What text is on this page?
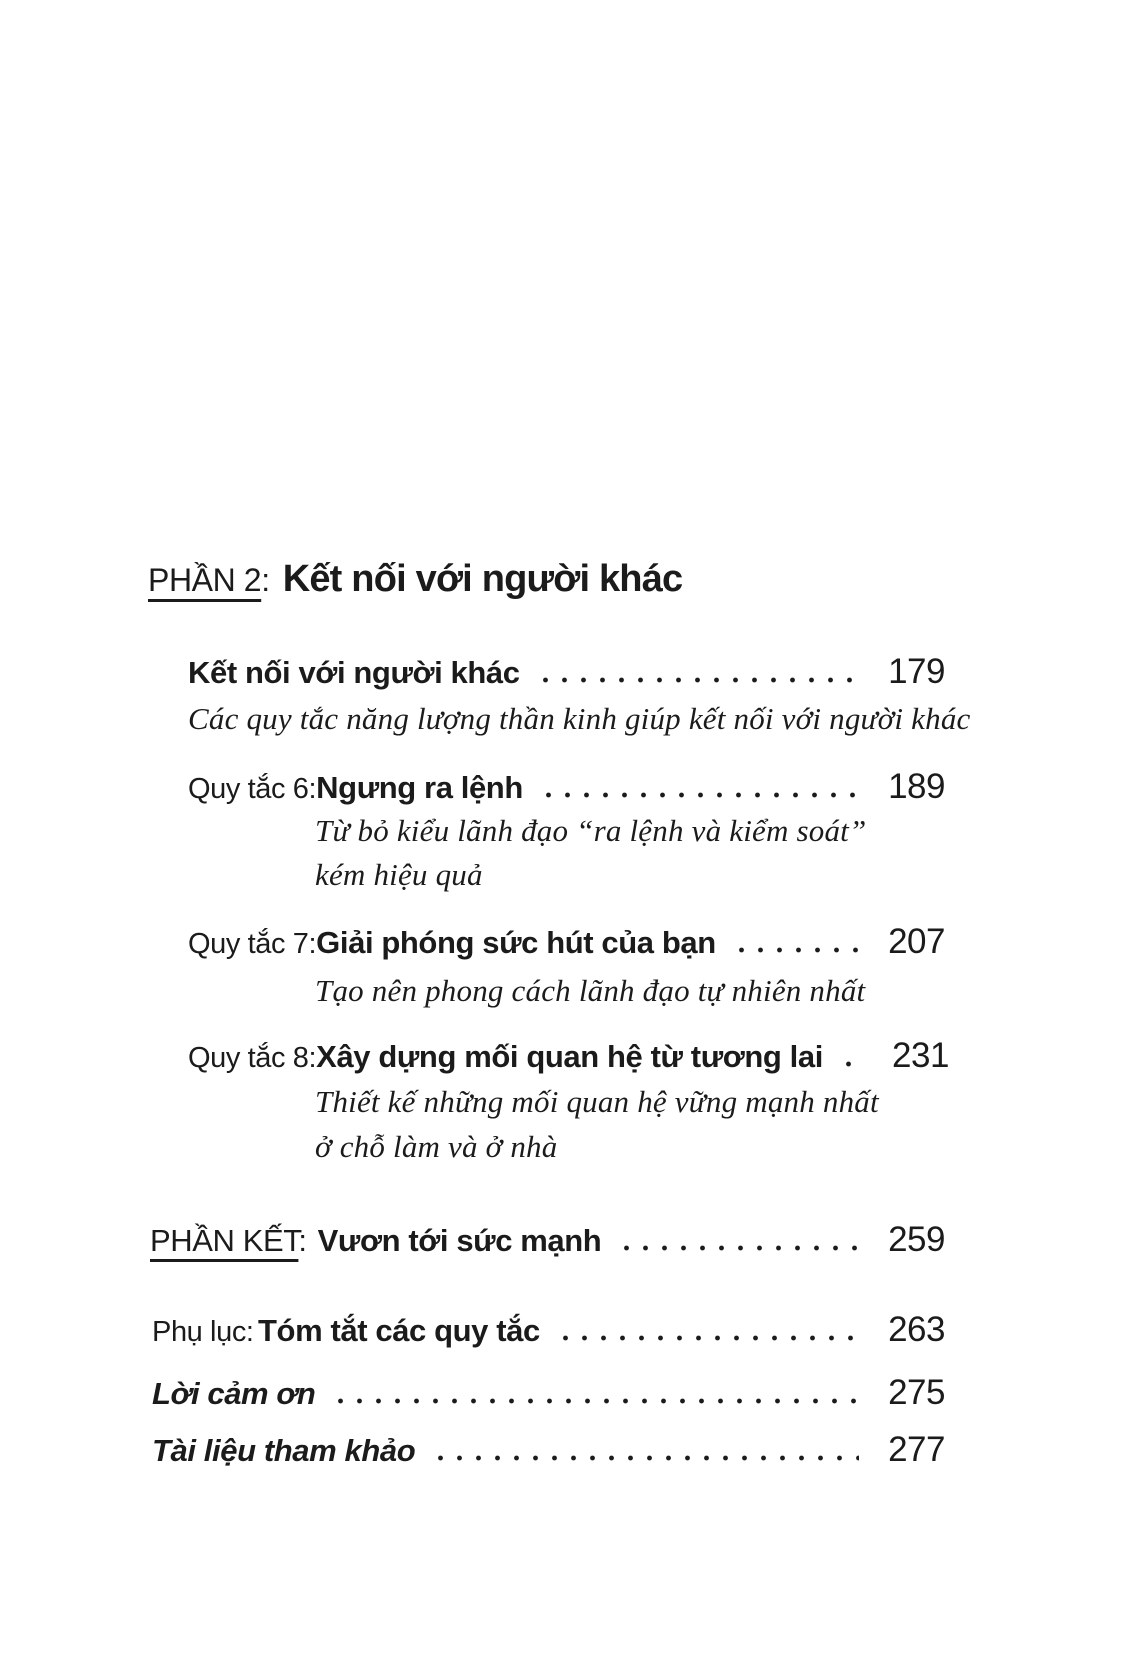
PHẦN 2: Kết nối với người khác
Kết nối với người khác	179
Các quy tắc năng lượng thần kinh giúp kết nối với người khác
Quy tắc 6: Ngưng ra lệnh	189
Từ bỏ kiểu lãnh đạo “ra lệnh và kiểm soát”
kém hiệu quả
Quy tắc 7: Giải phóng sức hút của bạn	207
Tạo nên phong cách lãnh đạo tự nhiên nhất
Quy tắc 8: Xây dựng mối quan hệ từ tương lai	231
Thiết kế những mối quan hệ vững mạnh nhất
ở chỗ làm và ở nhà
PHẦN KẾT: Vươn tới sức mạnh	259
Phụ lục: Tóm tắt các quy tắc	263
Lời cảm ơn	275
Tài liệu tham khảo	277
